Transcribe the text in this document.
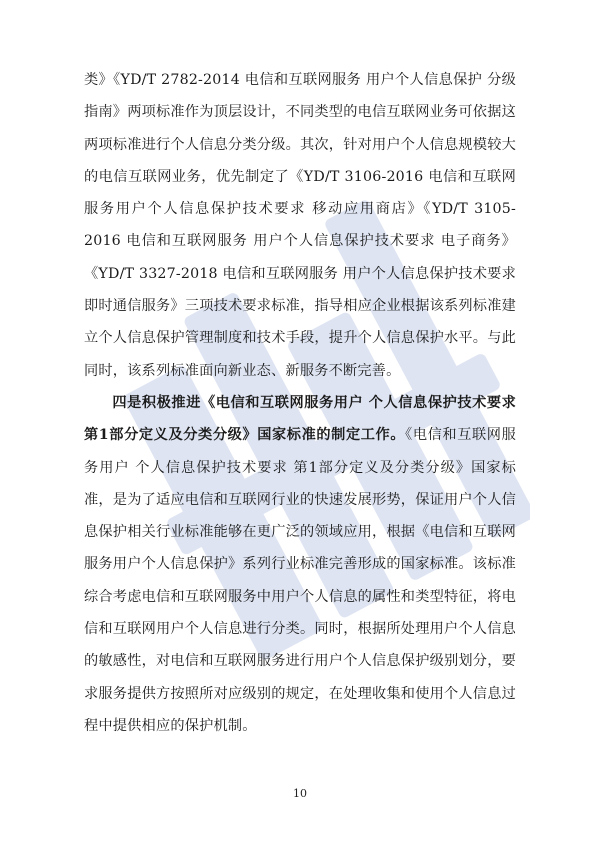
类》《YD/T 2782-2014 电信和互联网服务 用户个人信息保护 分级指南》两项标准作为顶层设计，不同类型的电信互联网业务可依据这两项标准进行个人信息分类分级。其次，针对用户个人信息规模较大的电信互联网业务，优先制定了《YD/T 3106-2016 电信和互联网服务用户个人信息保护技术要求 移动应用商店》《YD/T 3105-2016 电信和互联网服务 用户个人信息保护技术要求 电子商务》《YD/T 3327-2018 电信和互联网服务 用户个人信息保护技术要求 即时通信服务》三项技术要求标准，指导相应企业根据该系列标准建立个人信息保护管理制度和技术手段，提升个人信息保护水平。与此同时，该系列标准面向新业态、新服务不断完善。

四是积极推进《电信和互联网服务用户 个人信息保护技术要求 第1部分定义及分类分级》国家标准的制定工作。《电信和互联网服务用户 个人信息保护技术要求 第1部分定义及分类分级》国家标准，是为了适应电信和互联网行业的快速发展形势，保证用户个人信息保护相关行业标准能够在更广泛的领域应用，根据《电信和互联网服务用户个人信息保护》系列行业标准完善形成的国家标准。该标准综合考虑电信和互联网服务中用户个人信息的属性和类型特征，将电信和互联网用户个人信息进行分类。同时，根据所处理用户个人信息的敏感性，对电信和互联网服务进行用户个人信息保护级别划分，要求服务提供方按照所对应级别的规定，在处理收集和使用个人信息过程中提供相应的保护机制。

10
